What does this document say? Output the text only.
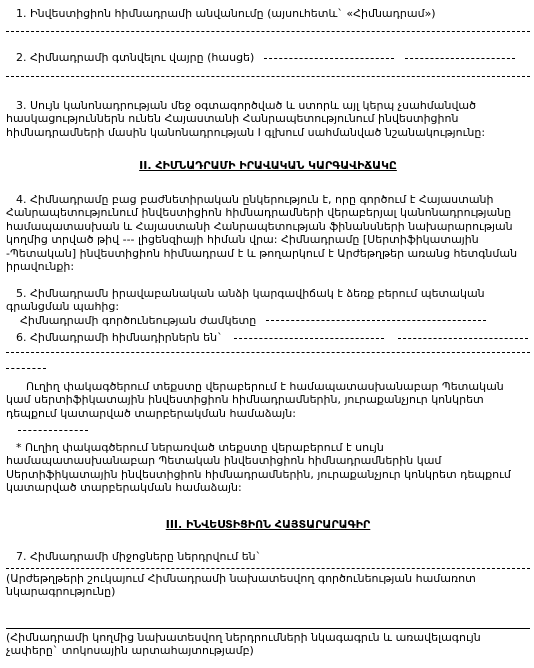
1. Ինվեստիցիոն հիմնադրամի անվանումը (այսուհետև` «Հիմնադրամ»)

2. Հիմնադրամի գտնվելու վայրը (հասցե)

3. Սույն կանոնադրության մեջ օգտագործված և ստորև այլ կերպ չսահմանված հասկացություններն ունեն Հայաստանի Հանրապետությունում ինվեստիցիոն հիմնադրամների մասին կանոնադրության I գլխում սահմանված նշանակությունը:

II. ՀԻՄՆԱԴՐԱՄԻ ԻՐԱՎԱԿԱՆ ԿԱՐԳԱՎԻՃԱԿԸ

4. Հիմնադրամը բաց բաժնետիրական ընկերություն է, որը գործում է Հայաստանի Հանրապետությունում ինվեստիցիոն հիմնադրամների վերաբերյալ կանոնադրությանը համապատասխան և Հայաստանի Հանրապետության ֆինանսների նախարարության կողմից տրված թիվ --- լիցենզիայի հիման վրա: Հիմնադրամը [Սերտիֆիկատային -Պետական] ինվեստիցիոն հիմնադրամ է և թողարկում է Արժեթղթեր առանց հետգնման իրավունքի:

5. Հիմնադրամն իրավաբանական անձի կարգավիճակ է ձեռք բերում պետական գրանցման պահից:

Հիմնադրամի գործունեության ժամկետը

6. Հիմնադրամի հիմնադիրներն են`

Ուղիղ փակագծերում տեքստը վերաբերում է համապատասխանաբար Պետական կամ սերտիֆիկատային ինվեստիցիոն հիմնադրամներին, յուրաքանչյուր կոնկրետ դեպքում կատարված տարբերակման համաձայն:

* Ուղիղ փակագծերում ներառված տեքստը վերաբերում է սույն համապատասխանաբար Պետական ինվեստիցիոն հիմնադրամներին կամ Սերտիֆիկատային ինվեստիցիոն հիմնադրամներին, յուրաքանչյուր կոնկրետ դեպքում կատարված տարբերակման համաձայն:

III. ԻՆՎԵՍՏԻՑԻՈՆ ՀԱՅՏԱՐԱՐԱԳԻՐ

7. Հիմնադրամի միջոցները ներդրվում են`

(Արժեթղթերի շուկայում Հիմնադրամի նախատեսվող գործունեության համառոտ նկարագրությունը)

(Հիմնադրամի կողմից նախատեսվող ներդրումների նկագագրւն և առավելագույն չափերը` տոկոսային արտահայտությամբ)
